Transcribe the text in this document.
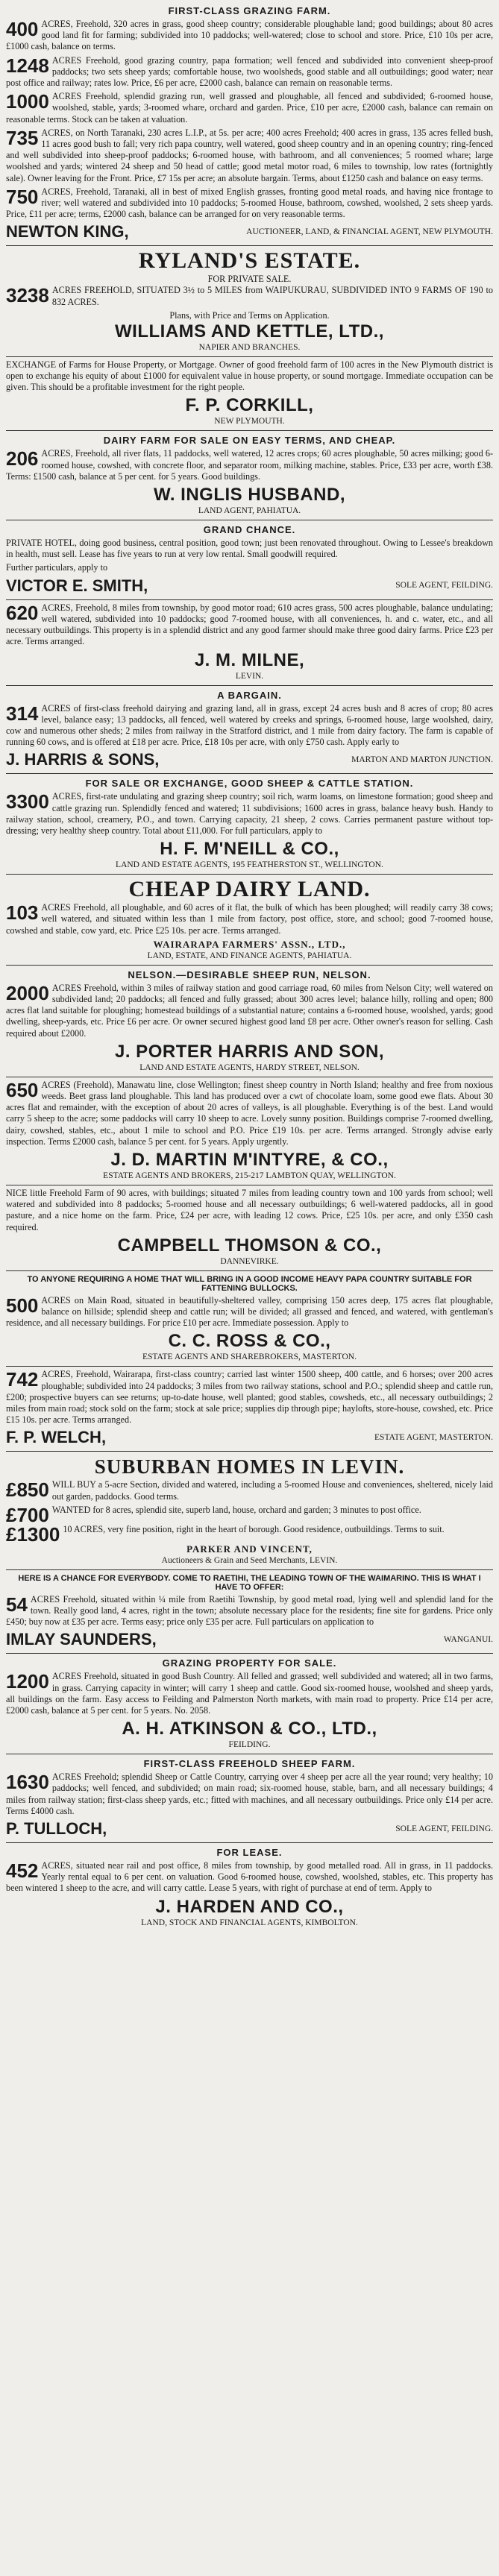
FIRST-CLASS GRAZING FARM.
400 ACRES, Freehold, 320 acres in grass, good sheep country; considerable ploughable land; good buildings; about 80 acres good land fit for farming; subdivided into 10 paddocks; well-watered; close to school and store. Price, £10 10s per acre, £1000 cash, balance on terms.
1248 ACRES Freehold, good grazing country, papa formation; well fenced and subdivided into convenient sheep-proof paddocks; two sets sheep yards; comfortable house, two woolsheds, good stable and all outbuildings; good water; near post office and railway; rates low. Price, £6 per acre, £2000 cash, balance can remain on reasonable terms.
1000 ACRES Freehold, splendid grazing run, well grassed and ploughable, all fenced and subdivided; 6-roomed house, woolshed, stable, yards; 3-roomed whare, orchard and garden. Price, £10 per acre, £2000 cash, balance can remain on reasonable terms. Stock can be taken at valuation.
735 ACRES, on North Taranaki, 230 acres L.I.P., at 5s. per acre; 400 acres Freehold; 400 acres in grass, 135 acres felled bush, 11 acres good bush to fall; very rich papa country, well watered, good sheep country and in an opening country; ring-fenced and well subdivided into sheep-proof paddocks; 6-roomed house, with bathroom, and all conveniences; 5 roomed whare; large woolshed and yards; wintered 24 sheep and 50 head of cattle; good metal motor road, 6 miles to township, low rates (fortnightly sale). Owner leaving for the Front. Price, £7 15s per acre; an absolute bargain. Terms, about £1250 cash and balance on easy terms.
750 ACRES, Freehold, Taranaki, all in best of mixed English grasses, fronting good metal roads, and having nice frontage to river; well watered and subdivided into 10 paddocks; 5-roomed House, bathroom, cowshed, woolshed, 2 sets sheep yards. Price, £11 per acre; terms, £2000 cash, balance can be arranged for on very reasonable terms.
NEWTON KING,	AUCTIONEER, LAND, & FINANCIAL AGENT, NEW PLYMOUTH.
RYLAND'S ESTATE.
FOR PRIVATE SALE.
3238 ACRES FREEHOLD, SITUATED 3½ to 5 MILES from WAIPUKURAU, SUBDIVIDED INTO 9 FARMS OF 190 to 832 ACRES.
Plans, with Price and Terms on Application.
WILLIAMS AND KETTLE, LTD.,
NAPIER AND BRANCHES.
EXCHANGE of Farms for House Property, or Mortgage. Owner of good freehold farm of 100 acres in the New Plymouth district is open to exchange his equity of about £1000 for equivalent value in house property, or sound mortgage. Immediate occupation can be given. This should be a profitable investment for the right people.
F. P. CORKILL,
NEW PLYMOUTH.
DAIRY FARM FOR SALE ON EASY TERMS, AND CHEAP.
206 ACRES, Freehold, all river flats, 11 paddocks, well watered, 12 acres crops; 60 acres ploughable, 50 acres milking; good 6-roomed house, cowshed, with concrete floor, and separator room, milking machine, stables. Price, £33 per acre, worth £38. Terms: £1500 cash, balance at 5 per cent. for 5 years. Good buildings.
W. INGLIS HUSBAND,
LAND AGENT, PAHIATUA.
GRAND CHANCE.
PRIVATE HOTEL, doing good business, central position, good town; just been renovated throughout. Owing to Lessee's breakdown in health, must sell. Lease has five years to run at very low rental. Small goodwill required.
Further particulars, apply to
VICTOR E. SMITH,	SOLE AGENT, FEILDING.
620 ACRES, Freehold, 8 miles from township, by good motor road; 610 acres grass, 500 acres ploughable, balance undulating; well watered, subdivided into 10 paddocks; good 7-roomed house, with all conveniences, h. and c. water, etc., and all necessary outbuildings. This property is in a splendid district and any good farmer should make three good dairy farms. Price £23 per acre. Terms arranged.
J. M. MILNE,
LEVIN.
A BARGAIN.
314 ACRES of first-class freehold dairying and grazing land, all in grass, except 24 acres bush and 8 acres of crop; 80 acres level, balance easy; 13 paddocks, all fenced, well watered by creeks and springs, 6-roomed house, large woolshed, dairy, cow and numerous other sheds; 2 miles from railway in the Stratford district, and 1 mile from dairy factory. The farm is capable of running 60 cows, and is offered at £18 per acre. Price, £18 10s per acre, with only £750 cash. Apply early to
J. HARRIS & SONS,	MARTON AND MARTON JUNCTION.
FOR SALE OR EXCHANGE, GOOD SHEEP & CATTLE STATION.
3300 ACRES, first-rate undulating and grazing sheep country; soil rich, warm loams, on limestone formation; good sheep and cattle grazing run. Splendidly fenced and watered; 11 subdivisions; 1600 acres in grass, balance heavy bush. Handy to railway station, school, creamery, P.O., and town. Carrying capacity, 21 sheep, 2 cows. Carries permanent pasture without top-dressing; very healthy sheep country. Total about £11,000. For full particulars, apply to
H. F. M'NEILL & CO.,
LAND AND ESTATE AGENTS, 195 FEATHERSTON ST., WELLINGTON.
CHEAP DAIRY LAND.
103 ACRES Freehold, all ploughable, and 60 acres of it flat, the bulk of which has been ploughed; will readily carry 38 cows; well watered, and situated within less than 1 mile from factory, post office, store, and school; good 7-roomed house, cowshed and stable, cow yard, etc. Price £25 10s. per acre. Terms arranged.
WAIRARAPA FARMERS' ASSN., LTD.,
LAND, ESTATE, AND FINANCE AGENTS, PAHIATUA.
NELSON.—DESIRABLE SHEEP RUN, NELSON.
2000 ACRES Freehold, within 3 miles of railway station and good carriage road, 60 miles from Nelson City; well watered on subdivided land; 20 paddocks; all fenced and fully grassed; about 300 acres level; balance hilly, rolling and open; 800 acres flat land suitable for ploughing; homestead buildings of a substantial nature; contains a 6-roomed house, woolshed, yards; good dwelling, sheep-yards, etc. Price £6 per acre. Or owner secured highest good land £8 per acre. Other owner's reason for selling. Cash required about £2000.
J. PORTER HARRIS AND SON,
LAND AND ESTATE AGENTS, HARDY STREET, NELSON.
650 ACRES (Freehold), Manawatu line, close Wellington; finest sheep country in North Island; healthy and free from noxious weeds. Beet grass land ploughable. This land has produced over a cwt of chocolate loam, some good ewe flats. About 30 acres flat and remainder, with the exception of about 20 acres of valleys, is all ploughable. Everything is of the best. Land would carry 5 sheep to the acre; some paddocks will carry 10 sheep to acre. Lovely sunny position. Buildings comprise 7-roomed dwelling, dairy, cowshed, stables, etc., about 1 mile to school and P.O. Price £19 10s. per acre. Terms arranged. Strongly advise early inspection. Terms £2000 cash, balance 5 per cent. for 5 years. Apply urgently.
J. D. MARTIN M'INTYRE, & CO.,
ESTATE AGENTS AND BROKERS, 215-217 LAMBTON QUAY, WELLINGTON.
NICE little Freehold Farm of 90 acres, with buildings; situated 7 miles from leading country town and 100 yards from school; well watered and subdivided into 8 paddocks; 5-roomed house and all necessary outbuildings; 6 well-watered paddocks, all in good pasture, and a nice home on the farm. Price, £24 per acre, with leading 12 cows. Price, £25 10s. per acre, and only £350 cash required.
CAMPBELL THOMSON & CO.,
DANNEVIRKE.
TO ANYONE REQUIRING A HOME THAT WILL BRING IN A GOOD INCOME HEAVY PAPA COUNTRY SUITABLE FOR FATTENING BULLOCKS.
500 ACRES on Main Road, situated in beautifully-sheltered valley, comprising 150 acres deep, 175 acres flat ploughable, balance on hillside; splendid sheep and cattle run; will be divided; all grassed and fenced, and watered, with gentleman's residence, and all necessary buildings. For price £10 per acre. Immediate possession. Apply to
C. C. ROSS & CO.,
ESTATE AGENTS AND SHAREBROKERS, MASTERTON.
742 ACRES, Freehold, Wairarapa, first-class country; carried last winter 1500 sheep, 400 cattle, and 6 horses; over 200 acres ploughable; subdivided into 24 paddocks; 3 miles from two railway stations, school and P.O.; splendid sheep and cattle run, £200; prospective buyers can see returns; up-to-date house, well planted; good stables, cowsheds, etc., all necessary outbuildings; 2 miles from main road; stock sold on the farm; stock at sale price; supplies dip through pipe; haylofts, store-house, cowshed, etc. Price £15 10s. per acre. Terms arranged.
F. P. WELCH,	ESTATE AGENT, MASTERTON.
SUBURBAN HOMES IN LEVIN.
£850 WILL BUY a 5-acre Section, divided and watered, including a 5-roomed House and conveniences, sheltered, nicely laid out garden, paddocks. Good terms.
£700 WANTED for 8 acres, splendid site, superb land, house, orchard and garden; 3 minutes to post office.
£1300 10 ACRES, very fine position, right in the heart of borough. Good residence, outbuildings. Terms to suit.
PARKER AND VINCENT,
Auctioneers & Grain and Seed Merchants, LEVIN.
HERE IS A CHANCE FOR EVERYBODY. COME TO RAETIHI, THE LEADING TOWN OF THE WAIMARINO. THIS IS WHAT I HAVE TO OFFER:
54 ACRES Freehold, situated within ¼ mile from Raetihi Township, by good metal road, lying well and splendid land for the town. Really good land, 4 acres, right in the town; absolute necessary place for the residents; fine site for gardens. Price only £450; buy now at £35 per acre. Terms easy; price only £35 per acre. Full particulars on application to
IMLAY SAUNDERS,	WANGANUI.
GRAZING PROPERTY FOR SALE.
1200 ACRES Freehold, situated in good Bush Country. All felled and grassed; well subdivided and watered; all in two farms, in grass. Carrying capacity in winter; will carry 1 sheep and cattle. Good six-roomed house, woolshed and sheep yards, all buildings on the farm. Easy access to Feilding and Palmerston North markets, with main road to property. Price £14 per acre, £2000 cash, balance at 5 per cent. for 5 years. No. 2058.
A. H. ATKINSON & CO., LTD.,
FEILDING.
FIRST-CLASS FREEHOLD SHEEP FARM.
1630 ACRES Freehold; splendid Sheep or Cattle Country, carrying over 4 sheep per acre all the year round; very healthy; 10 paddocks; well fenced, and subdivided; on main road; six-roomed house, stable, barn, and all necessary buildings; 4 miles from railway station; first-class sheep yards, etc.; fitted with machines, and all necessary outbuildings. Price only £14 per acre. Terms £4000 cash.
P. TULLOCH,	SOLE AGENT, FEILDING.
FOR LEASE.
452 ACRES, situated near rail and post office, 8 miles from township, by good metalled road. All in grass, in 11 paddocks. Yearly rental equal to 6 per cent. on valuation. Good 6-roomed house, cowshed, woolshed, stables, etc. This property has been wintered 1 sheep to the acre, and will carry cattle. Lease 5 years, with right of purchase at end of term. Apply to
J. HARDEN AND CO.,
LAND, STOCK AND FINANCIAL AGENTS, KIMBOLTON.
